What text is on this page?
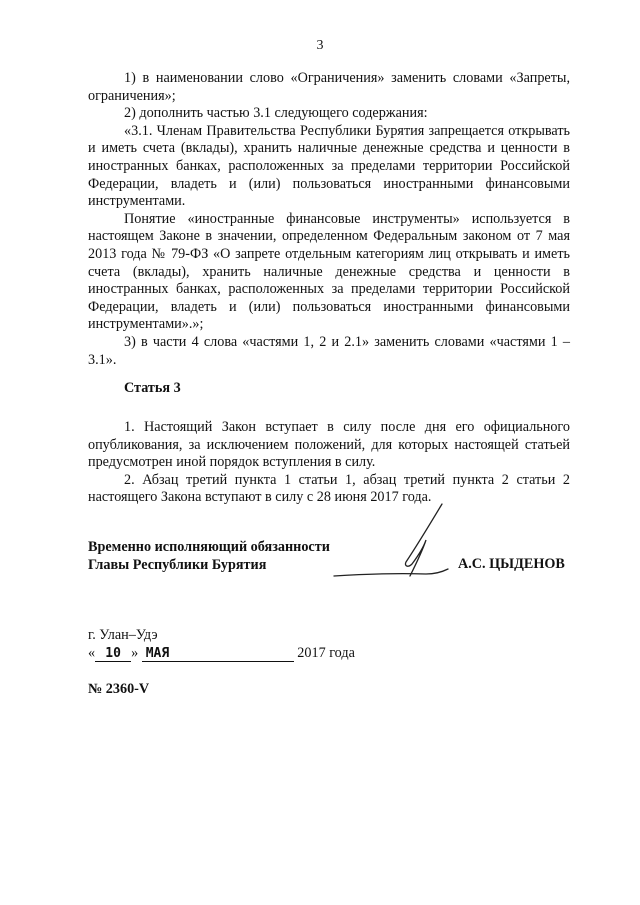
3

1) в наименовании слово «Ограничения» заменить словами «Запреты, ограничения»;

2) дополнить частью 3.1 следующего содержания:

«3.1. Членам Правительства Республики Бурятия запрещается открывать и иметь счета (вклады), хранить наличные денежные средства и ценности в иностранных банках, расположенных за пределами территории Российской Федерации, владеть и (или) пользоваться иностранными финансовыми инструментами.

Понятие «иностранные финансовые инструменты» используется в настоящем Законе в значении, определенном Федеральным законом от 7 мая 2013 года № 79-ФЗ «О запрете отдельным категориям лиц открывать и иметь счета (вклады), хранить наличные денежные средства и ценности в иностранных банках, расположенных за пределами территории Российской Федерации, владеть и (или) пользоваться иностранными финансовыми инструментами».»;

3) в части 4 слова «частями 1, 2 и 2.1» заменить словами «частями 1 – 3.1».

Статья 3

1. Настоящий Закон вступает в силу после дня его официального опубликования, за исключением положений, для которых настоящей статьей предусмотрен иной порядок вступления в силу.

2. Абзац третий пункта 1 статьи 1, абзац третий пункта 2 статьи 2 настоящего Закона вступают в силу с 28 июня 2017 года.

Временно исполняющий обязанности
Главы Республики Бурятия	А.С. ЦЫДЕНОВ
г. Улан–Удэ
« 10 » МАЯ	2017 года
№ 2360-V
